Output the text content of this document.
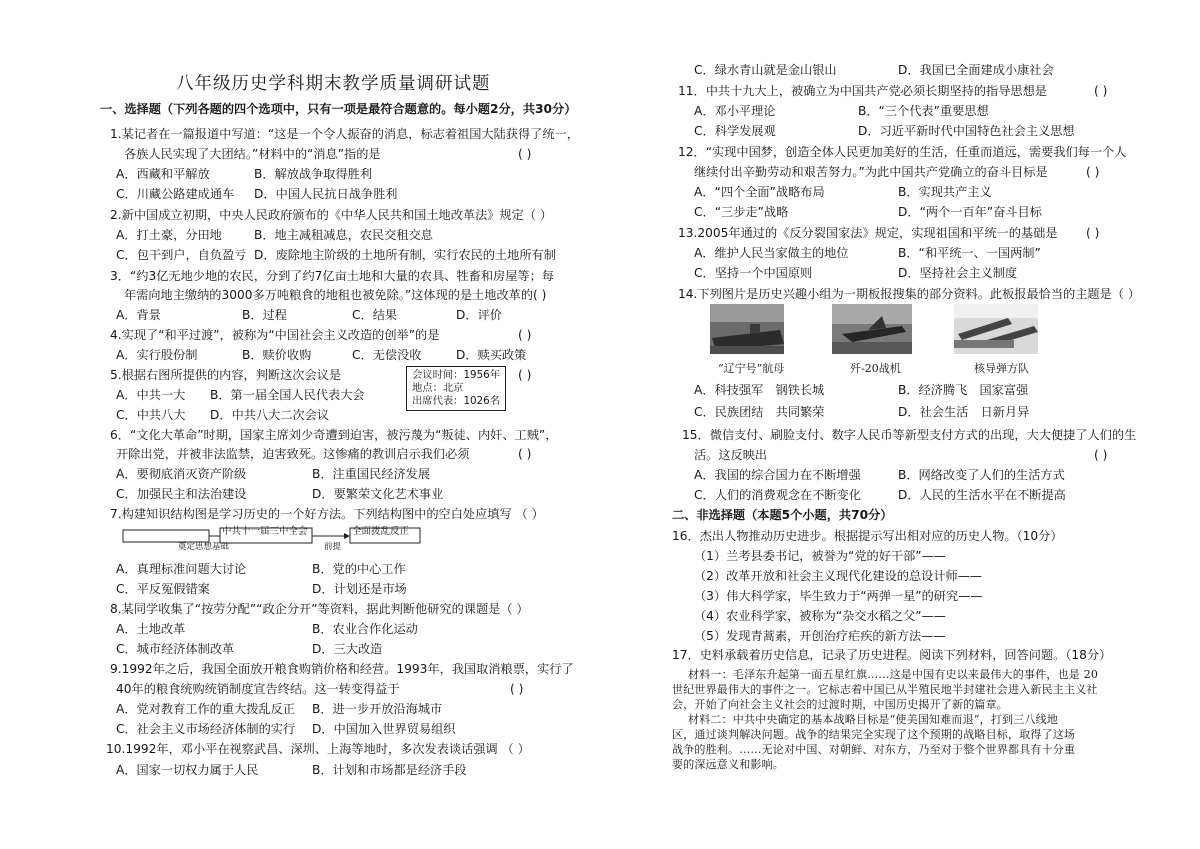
八年级历史学科期末教学质量调研试题
一、选择题（下列各题的四个选项中，只有一项是最符合题意的。每小题2分，共30分）
1.某记者在一篇报道中写道：“这是一个令人振奋的消息，标志着祖国大陆获得了统一，
各族人民实现了大团结。”材料中的“消息”指的是	( )
A．西藏和平解放	B．解放战争取得胜利
C．川藏公路建成通车 D．中国人民抗日战争胜利
2.新中国成立初期，中央人民政府颁布的《中华人民共和国土地改革法》规定（ ）
A．打土豪，分田地	B．地主减租减息，农民交租交息
C．包干到户，自负盈亏 D．废除地主阶级的土地所有制，实行农民的土地所有制
3．“约3亿无地少地的农民，分到了约7亿亩土地和大量的农具、牲畜和房屋等；每
年需向地主缴纳的3000多万吨粮食的地租也被免除。”这体现的是土地改革的( )
A．背景	B．过程	C．结果	D．评价
4.实现了“和平过渡”，被称为“中国社会主义改造的创举”的是	( )
A．实行股份制	B．赎价收购	C．无偿没收	D．赎买政策
5.根据右图所提供的内容，判断这次会议是	会议时间：1956年
地点：北京
出席代表：1026名
( )
A．中共一大 B．第一届全国人民代表大会
C．中共八大 D．中共八大二次会议
6．“文化大革命”时期，国家主席刘少奇遭到迫害，被污蔑为“叛徒、内奸、工贼”，
开除出党，并被非法监禁，迫害致死。这惨痛的教训启示我们必须	( )
A．要彻底消灭资产阶级	B．注重国民经济发展
C．加强民主和法治建设	D．要繁荣文化艺术事业
7.构建知识结构图是学习历史的一个好方法。下列结构图中的空白处应填写 （ ）
中共十一届三中全会	全面拨乱反正
奠定思想基础	前提
A．真理标准问题大讨论	B．党的中心工作
C．平反冤假错案	D．计划还是市场
8.某同学收集了“按劳分配”“政企分开”等资料，据此判断他研究的课题是（ ）
A．土地改革	B．农业合作化运动
C．城市经济体制改革	D．三大改造
9.1992年之后，我国全面放开粮食购销价格和经营。1993年，我国取消粮票，实行了
40年的粮食统购统销制度宣告终结。这一转变得益于	( )
A．党对教育工作的重大拨乱反正 B．进一步开放沿海城市
C．社会主义市场经济体制的实行 D．中国加入世界贸易组织
10.1992年，邓小平在视察武昌、深圳、上海等地时，多次发表谈话强调 （ ）
A．国家一切权力属于人民	B．计划和市场都是经济手段
C．绿水青山就是金山银山	D．我国已全面建成小康社会
11．中共十九大上，被确立为中国共产党必须长期坚持的指导思想是	( )
A．邓小平理论	B．“三个代表”重要思想
C．科学发展观	D．习近平新时代中国特色社会主义思想
12．“实现中国梦，创造全体人民更加美好的生活，任重而道远，需要我们每一个人
继续付出辛勤劳动和艰苦努力。”为此中国共产党确立的奋斗目标是	( )
A．“四个全面”战略布局	B．实现共产主义
C．“三步走”战略	D．“两个一百年”奋斗目标
13.2005年通过的《反分裂国家法》规定，实现祖国和平统一的基础是 ( )
A．维护人民当家做主的地位	B．“和平统一、一国两制”
C．坚持一个中国原则	D．坚持社会主义制度
14.下列图片是历史兴趣小组为一期板报搜集的部分资料。此板报最恰当的主题是（ ）
“辽宁号”航母	歼-20战机	核导弹方队
A．科技强军　钢铁长城	B．经济腾飞　国家富强
C．民族团结　共同繁荣	D．社会生活　日新月异
15．微信支付、刷脸支付、数字人民币等新型支付方式的出现，大大便捷了人们的生
活。这反映出	( )
A．我国的综合国力在不断增强	B．网络改变了人们的生活方式
C．人们的消费观念在不断变化	D．人民的生活水平在不断提高
二、非选择题（本题5个小题，共70分）
16．杰出人物推动历史进步。根据提示写出相对应的历史人物。（10分）
（1）兰考县委书记，被誉为“党的好干部”——
（2）改革开放和社会主义现代化建设的总设计师——
（3）伟大科学家，毕生致力于“两弹一星”的研究——
（4）农业科学家，被称为“杂交水稻之父”——
（5）发现青蒿素，开创治疗疟疾的新方法——
17．史料承载着历史信息，记录了历史进程。阅读下列材料，回答问题。（18分）
材料一：毛泽东升起第一面五星红旗……这是中国有史以来最伟大的事件，也是 20
世纪世界最伟大的事件之一。它标志着中国已从半殖民地半封建社会进入新民主主义社
会，开始了向社会主义社会的过渡时期，中国历史揭开了新的篇章。
材料二：中共中央确定的基本战略目标是“使美国知难而退”，打到三八线地
区，通过谈判解决问题。战争的结果完全实现了这个预期的战略目标，取得了这场
战争的胜利。……无论对中国、对朝鲜、对东方，乃至对于整个世界都具有十分重
要的深远意义和影响。
